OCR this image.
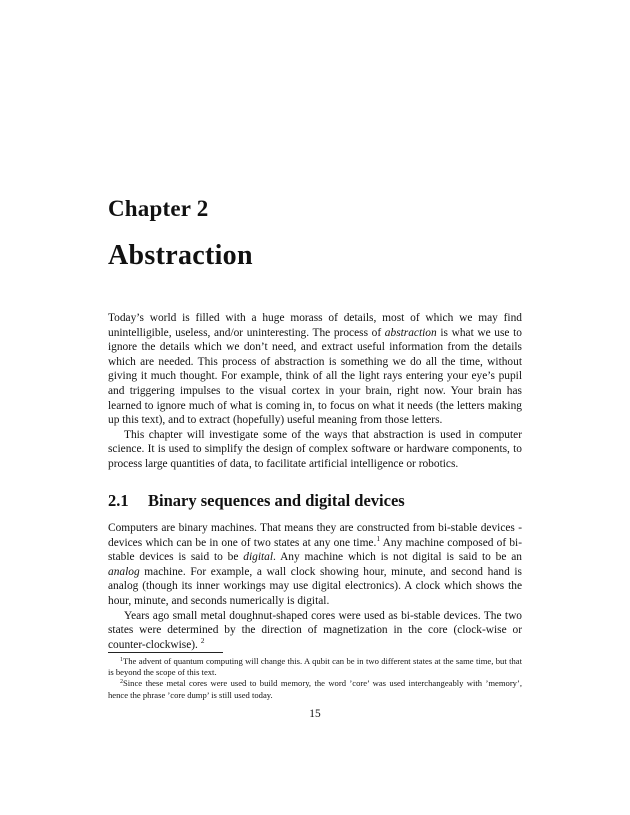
Chapter 2
Abstraction

Today’s world is filled with a huge morass of details, most of which we may find unintelligible, useless, and/or uninteresting. The process of abstraction is what we use to ignore the details which we don’t need, and extract useful information from the details which are needed. This process of abstraction is something we do all the time, without giving it much thought. For example, think of all the light rays entering your eye’s pupil and triggering impulses to the visual cortex in your brain, right now. Your brain has learned to ignore much of what is coming in, to focus on what it needs (the letters making up this text), and to extract (hopefully) useful meaning from those letters.

This chapter will investigate some of the ways that abstraction is used in computer science. It is used to simplify the design of complex software or hardware components, to process large quantities of data, to facilitate artificial intelligence or robotics.

2.1 Binary sequences and digital devices

Computers are binary machines. That means they are constructed from bi-stable devices - devices which can be in one of two states at any one time.$^1$ Any machine composed of bi-stable devices is said to be digital. Any machine which is not digital is said to be an analog machine. For example, a wall clock showing hour, minute, and second hand is analog (though its inner workings may use digital electronics). A clock which shows the hour, minute, and seconds numerically is digital.

Years ago small metal doughnut-shaped cores were used as bi-stable devices. The two states were determined by the direction of magnetization in the core (clock-wise or counter-clockwise). $^2$

$^1$The advent of quantum computing will change this. A qubit can be in two different states at the same time, but that is beyond the scope of this text.

$^2$Since these metal cores were used to build memory, the word ’core’ was used interchangeably with ’memory’, hence the phrase ’core dump’ is still used today.

15
